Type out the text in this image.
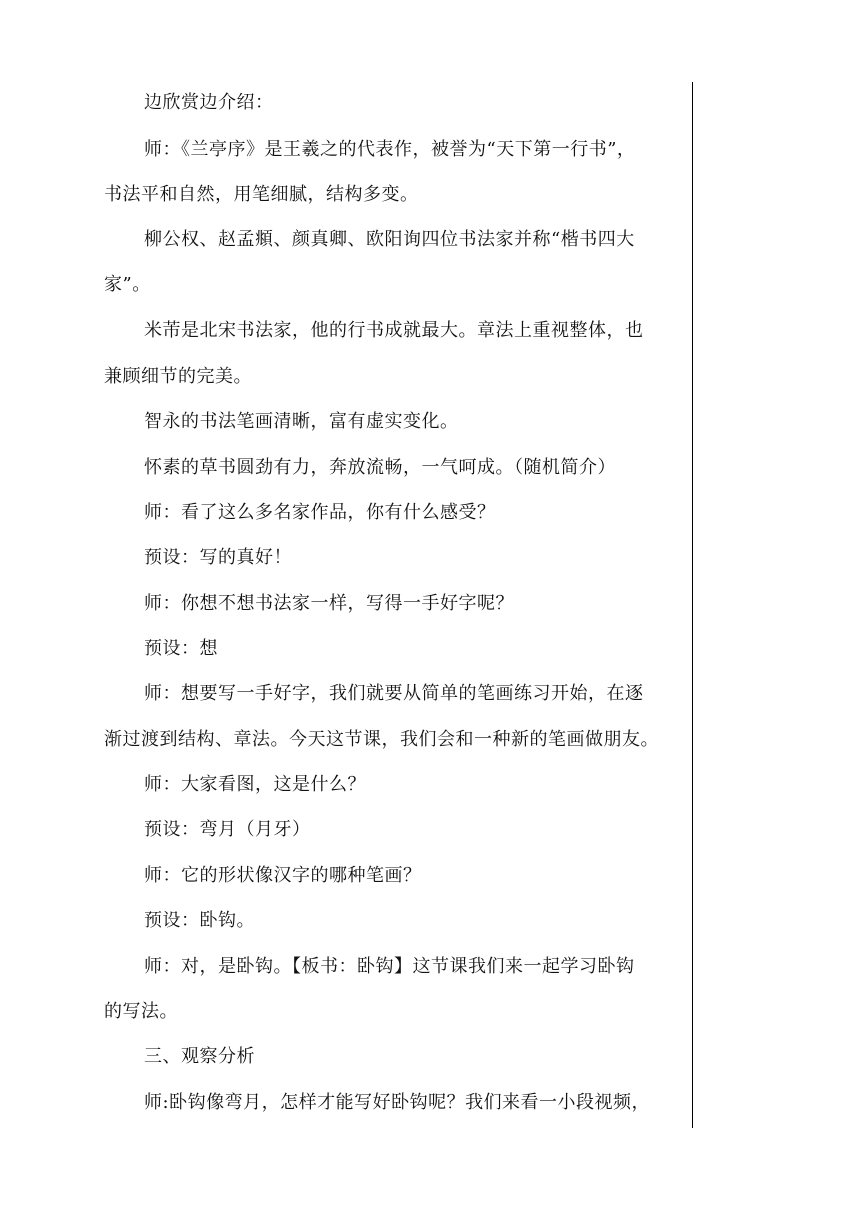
边欣赏边介绍：
师：《兰亭序》是王羲之的代表作，被誉为“天下第一行书”，
书法平和自然，用笔细腻，结构多变。
柳公权、赵孟頫、颜真卿、欧阳询四位书法家并称“楷书四大
家”。
米芾是北宋书法家，他的行书成就最大。章法上重视整体，也
兼顾细节的完美。
智永的书法笔画清晰，富有虚实变化。
怀素的草书圆劲有力，奔放流畅，一气呵成。（随机简介）
师：看了这么多名家作品，你有什么感受？
预设：写的真好！
师：你想不想书法家一样，写得一手好字呢？
预设：想
师：想要写一手好字，我们就要从简单的笔画练习开始，在逐
渐过渡到结构、章法。今天这节课，我们会和一种新的笔画做朋友。
师：大家看图，这是什么？
预设：弯月（月牙）
师：它的形状像汉字的哪种笔画？
预设：卧钩。
师：对，是卧钩。【板书：卧钩】这节课我们来一起学习卧钩
的写法。
三、观察分析
师:卧钩像弯月，怎样才能写好卧钩呢？我们来看一小段视频，
